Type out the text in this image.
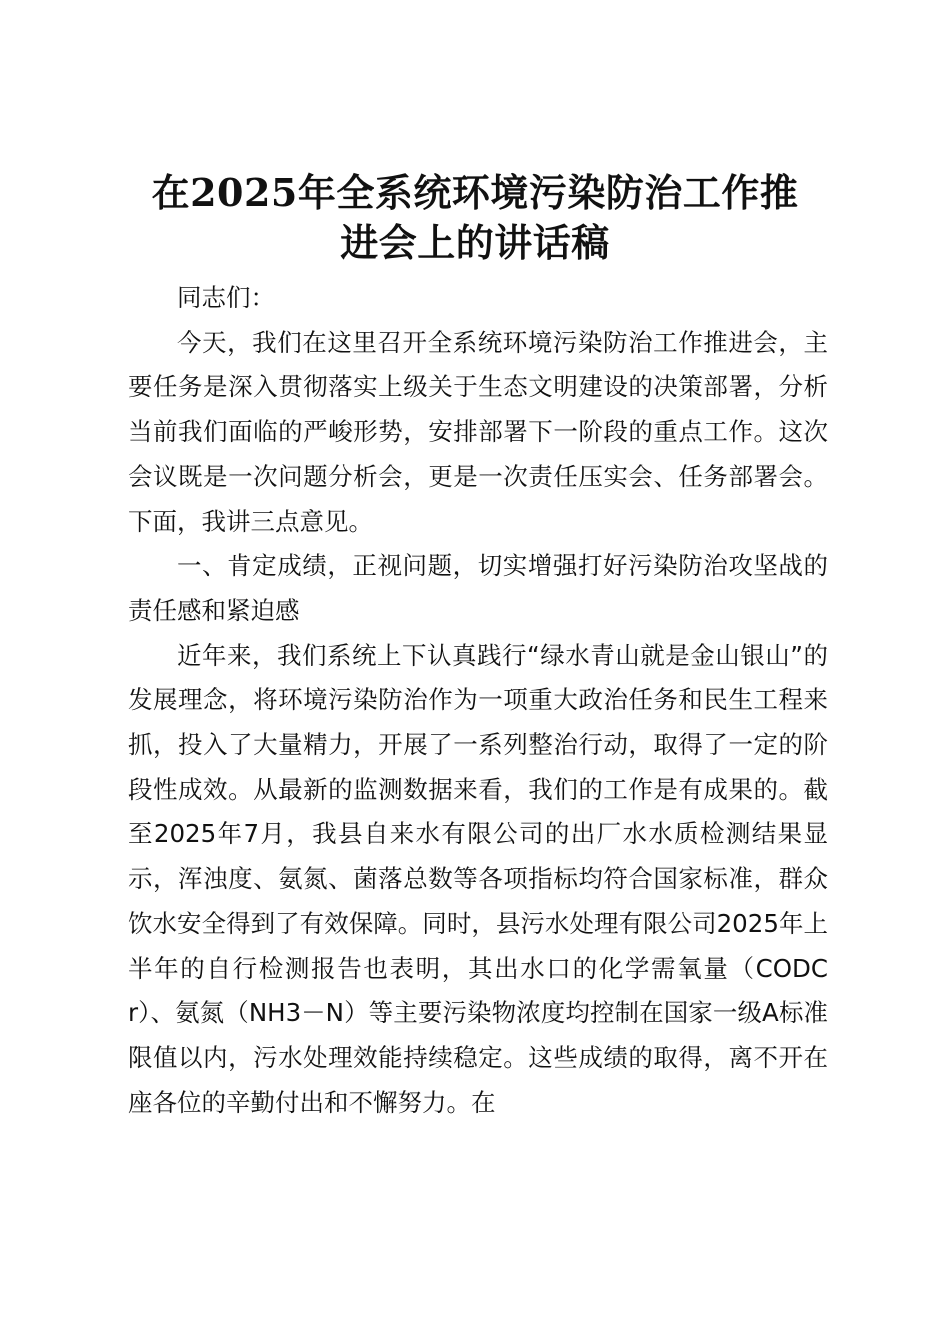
在2025年全系统环境污染防治工作推
进会上的讲话稿

同志们：

今天，我们在这里召开全系统环境污染防治工作推进会，主要任务是深入贯彻落实上级关于生态文明建设的决策部署，分析当前我们面临的严峻形势，安排部署下一阶段的重点工作。这次会议既是一次问题分析会，更是一次责任压实会、任务部署会。下面，我讲三点意见。

一、肯定成绩，正视问题，切实增强打好污染防治攻坚战的责任感和紧迫感

近年来，我们系统上下认真践行“绿水青山就是金山银山”的发展理念，将环境污染防治作为一项重大政治任务和民生工程来抓，投入了大量精力，开展了一系列整治行动，取得了一定的阶段性成效。从最新的监测数据来看，我们的工作是有成果的。截至2025年7月，我县自来水有限公司的出厂水水质检测结果显示，浑浊度、氨氮、菌落总数等各项指标均符合国家标准，群众饮水安全得到了有效保障。同时，县污水处理有限公司2025年上半年的自行检测报告也表明，其出水口的化学需氧量（CODCr）、氨氮（NH3－N）等主要污染物浓度均控制在国家一级A标准限值以内，污水处理效能持续稳定。这些成绩的取得，离不开在座各位的辛勤付出和不懈努力。在
